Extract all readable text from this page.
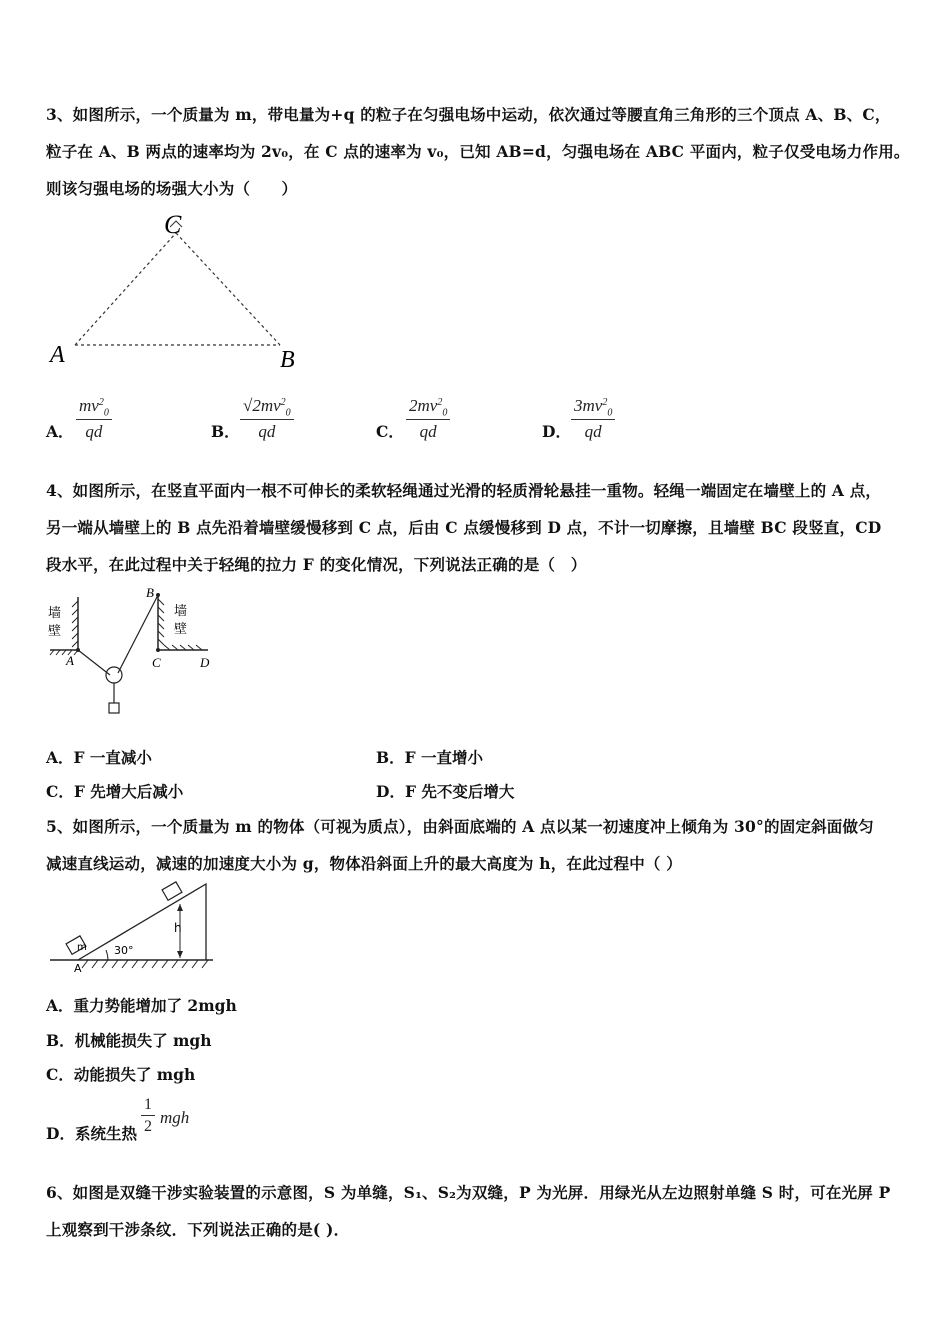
3、如图所示，一个质量为 m，带电量为+q 的粒子在匀强电场中运动，依次通过等腰直角三角形的三个顶点 A、B、C，
粒子在 A、B 两点的速率均为 2v₀，在 C 点的速率为 v₀，已知 AB=d，匀强电场在 ABC 平面内，粒子仅受电场力作用。
则该匀强电场的场强大小为（　　）
C
A	B
A． $\frac{mv^2_0}{qd}$	B． $\frac{√2mv^2_0}{qd}$	C． $\frac{2mv^2_0}{qd}$	D． $\frac{3mv^2_0}{qd}$
4、如图所示，在竖直平面内一根不可伸长的柔软轻绳通过光滑的轻质滑轮悬挂一重物。轻绳一端固定在墙壁上的 A 点，
另一端从墙壁上的 B 点先沿着墙壁缓慢移到 C 点，后由 C 点缓慢移到 D 点，不计一切摩擦，且墙壁 BC 段竖直，CD
段水平，在此过程中关于轻绳的拉力 F 的变化情况，下列说法正确的是（　）
墙
壁
墙
壁
A
B
C	D
A．F 一直减小	B．F 一直增小
C．F 先增大后减小	D．F 先不变后增大
5、如图所示，一个质量为 m 的物体（可视为质点），由斜面底端的 A 点以某一初速度冲上倾角为 30°的固定斜面做匀
减速直线运动，减速的加速度大小为 g，物体沿斜面上升的最大高度为 h，在此过程中（ ）
m 30°
h
A
A．重力势能增加了 2mgh
B．机械能损失了 mgh
C．动能损失了 mgh
D．系统生热 $\frac{1}{2}$ mgh
6、如图是双缝干涉实验装置的示意图，S 为单缝，S₁、S₂为双缝，P 为光屏．用绿光从左边照射单缝 S 时，可在光屏 P
上观察到干涉条纹．下列说法正确的是( )．
